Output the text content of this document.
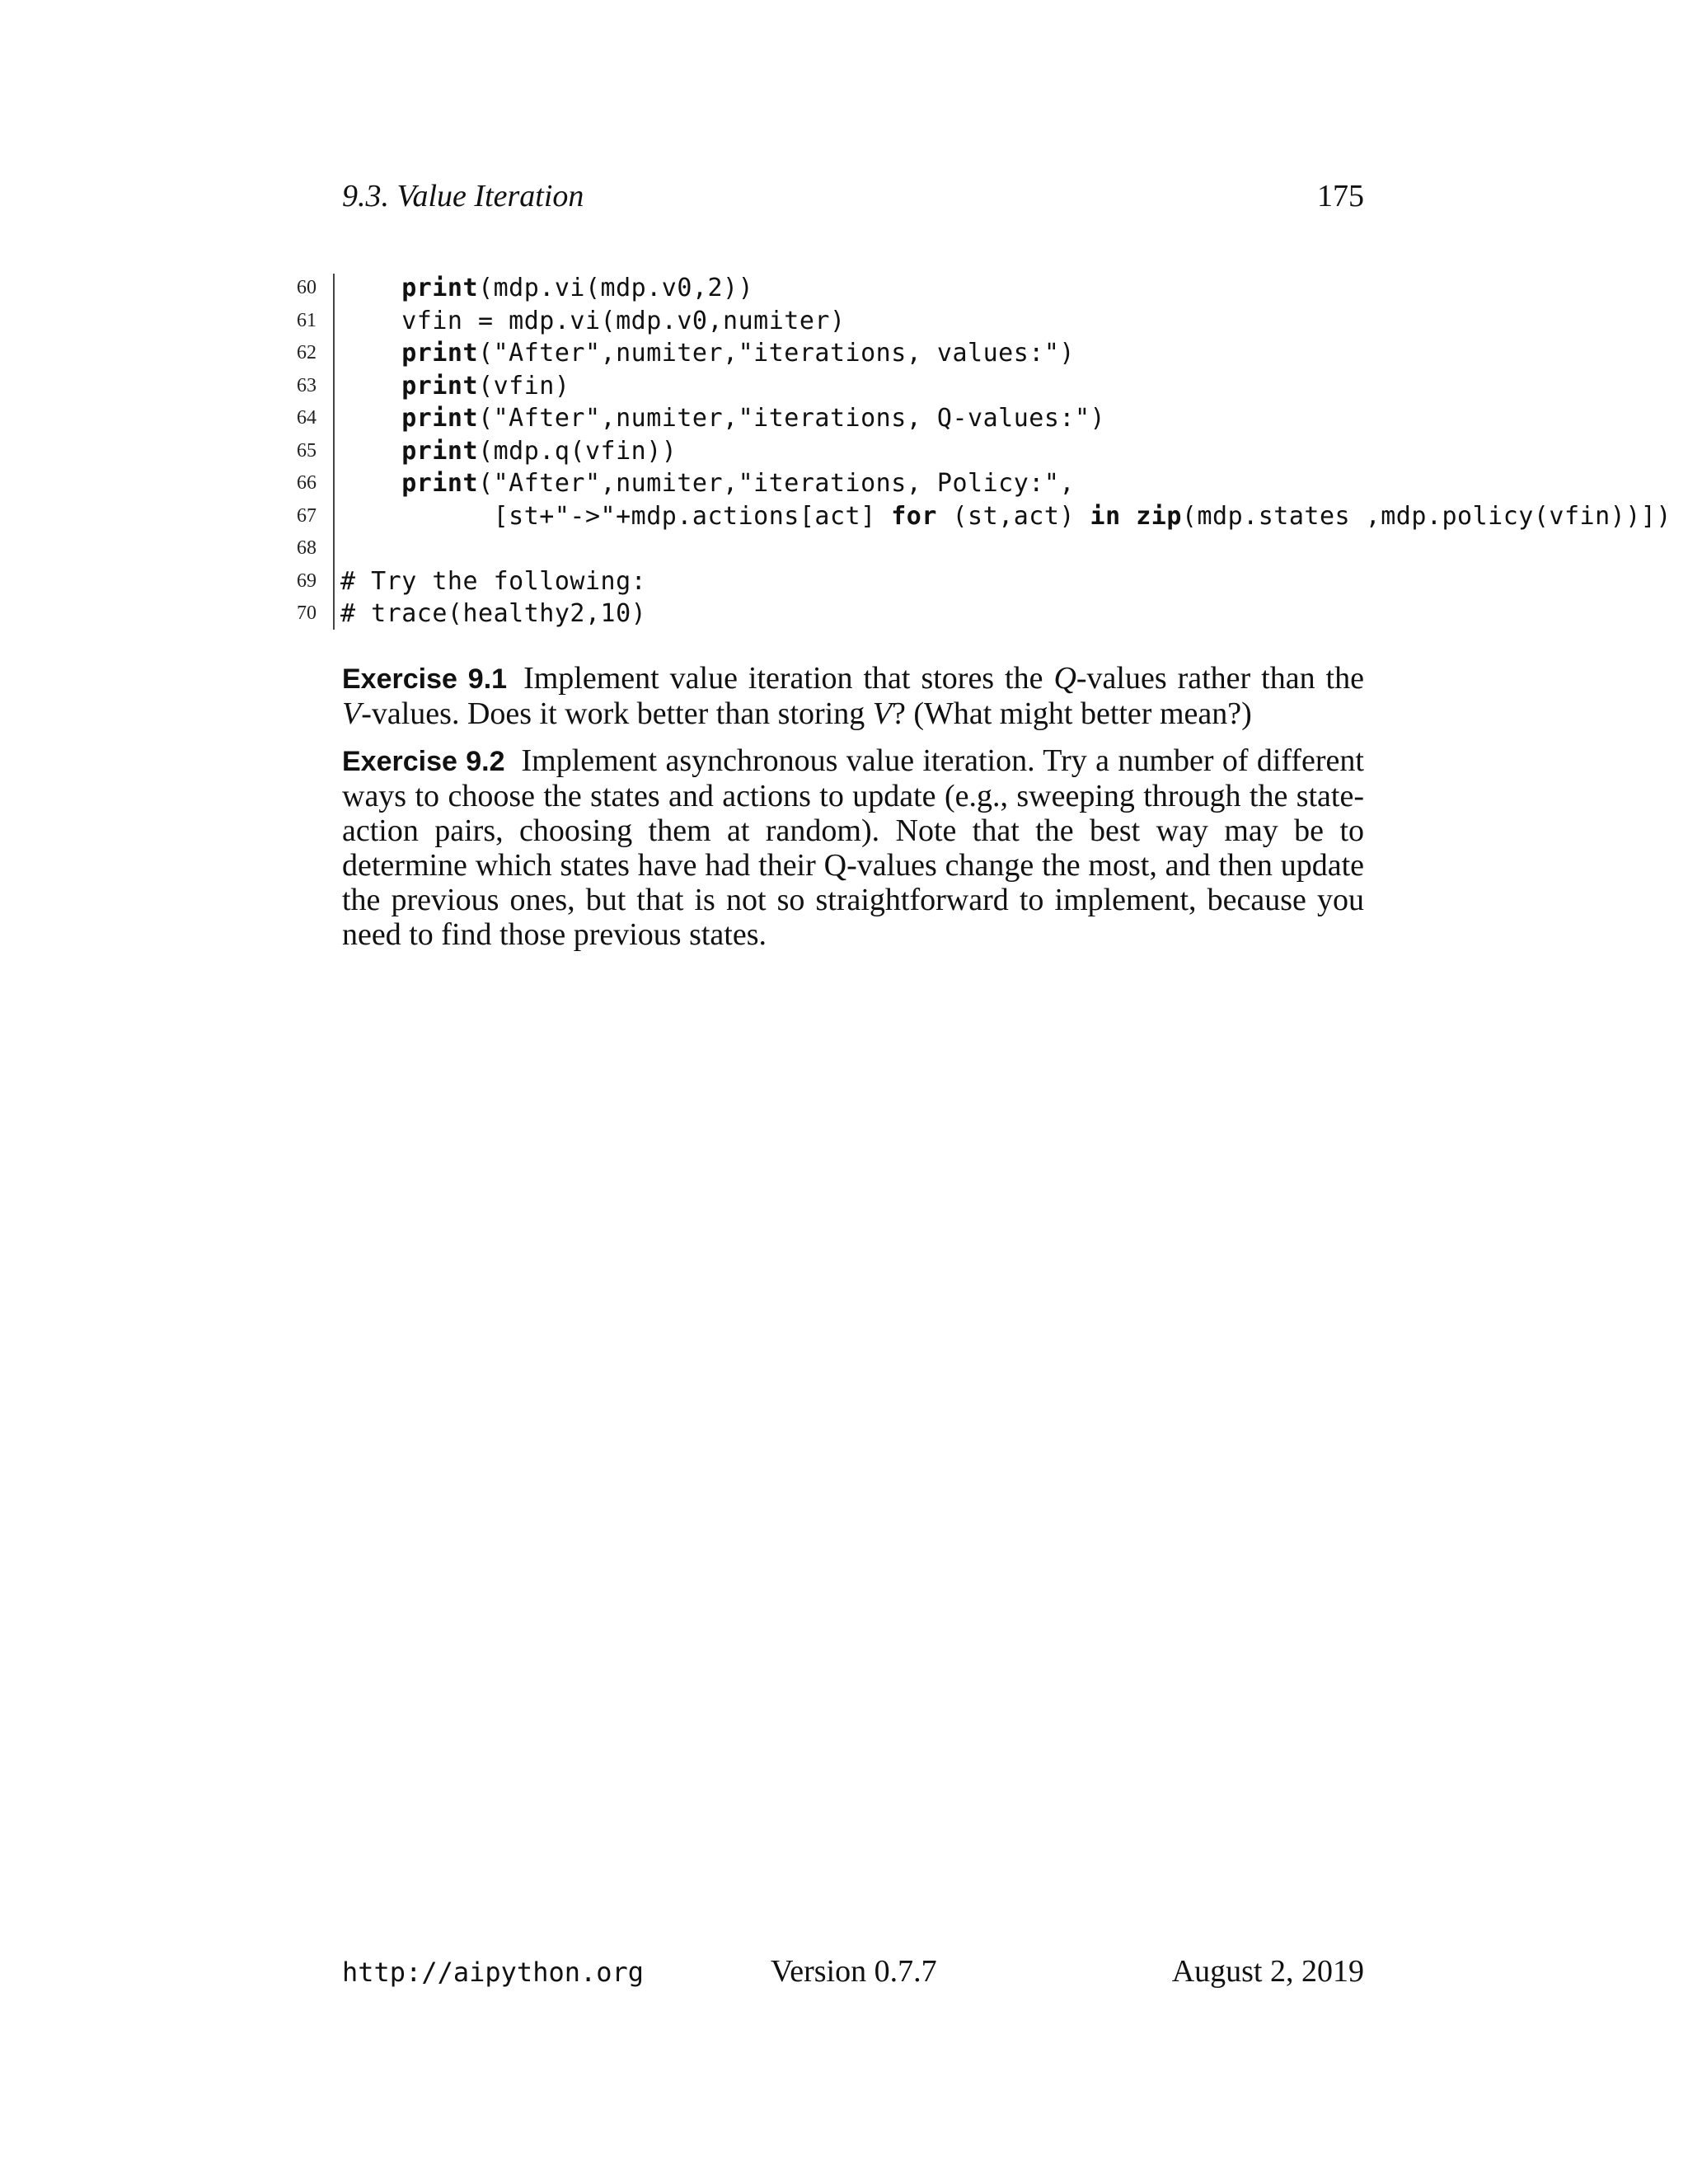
9.3. Value Iteration	175
60	print(mdp.vi(mdp.v0,2))
61 vfin = mdp.vi(mdp.v0,numiter)
62	print("After",numiter,"iterations, values:")
63	print(vfin)
64	print("After",numiter,"iterations, Q-values:")
65	print(mdp.q(vfin))
66	print("After",numiter,"iterations, Policy:",
67 [st+"->"+mdp.actions[act] for (st,act) in zip(mdp.states ,mdp.policy(vfin))])
68
69 # Try the following:
70 # trace(healthy2,10)
Exercise 9.1 Implement value iteration that stores the Q-values rather than the V-values. Does it work better than storing V? (What might better mean?)
Exercise 9.2 Implement asynchronous value iteration. Try a number of different ways to choose the states and actions to update (e.g., sweeping through the state-action pairs, choosing them at random). Note that the best way may be to determine which states have had their Q-values change the most, and then update the previous ones, but that is not so straightforward to implement, because you need to find those previous states.
http://aipython.org	Version 0.7.7	August 2, 2019
